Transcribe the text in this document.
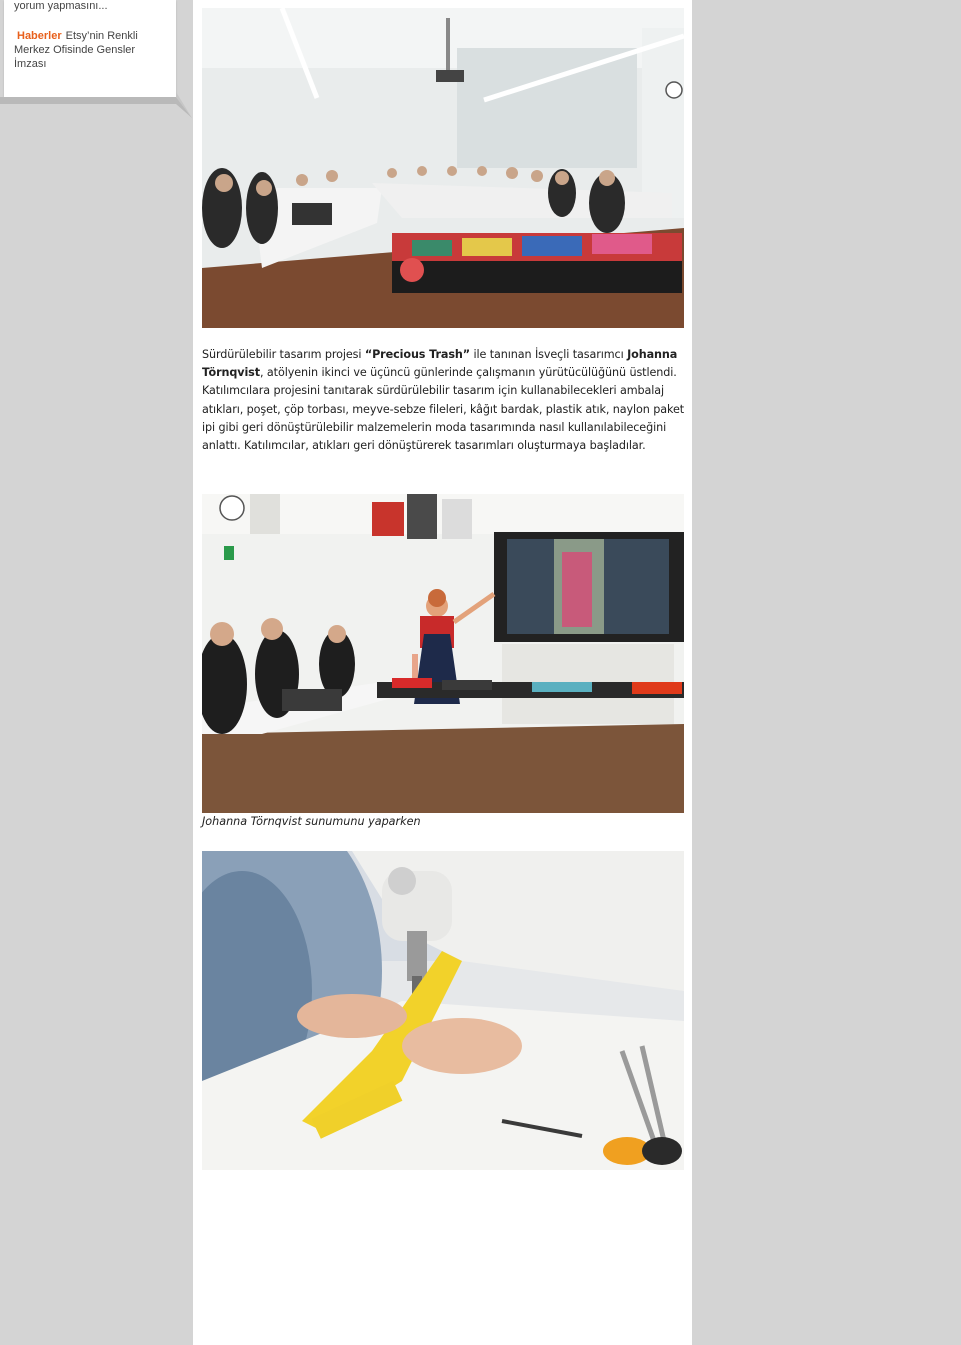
yorum yapmasını...
Haberler Etsy’nin Renkli Merkez Ofisinde Gensler İmzası

Sürdürülebilir tasarım projesi “Precious Trash” ile tanınan İsveçli tasarımcı Johanna Törnqvist, atölyenin ikinci ve üçüncü günlerinde çalışmanın yürütücülüğünü üstlendi. Katılımcılara projesini tanıtarak sürdürülebilir tasarım için kullanabilecekleri ambalaj atıkları, poşet, çöp torbası, meyve-sebze fileleri, kâğıt bardak, plastik atık, naylon paket ipi gibi geri dönüştürülebilir malzemelerin moda tasarımında nasıl kullanılabileceğini anlattı. Katılımcılar, atıkları geri dönüştürerek tasarımları oluşturmaya başladılar.

Johanna Törnqvist sunumunu yaparken
